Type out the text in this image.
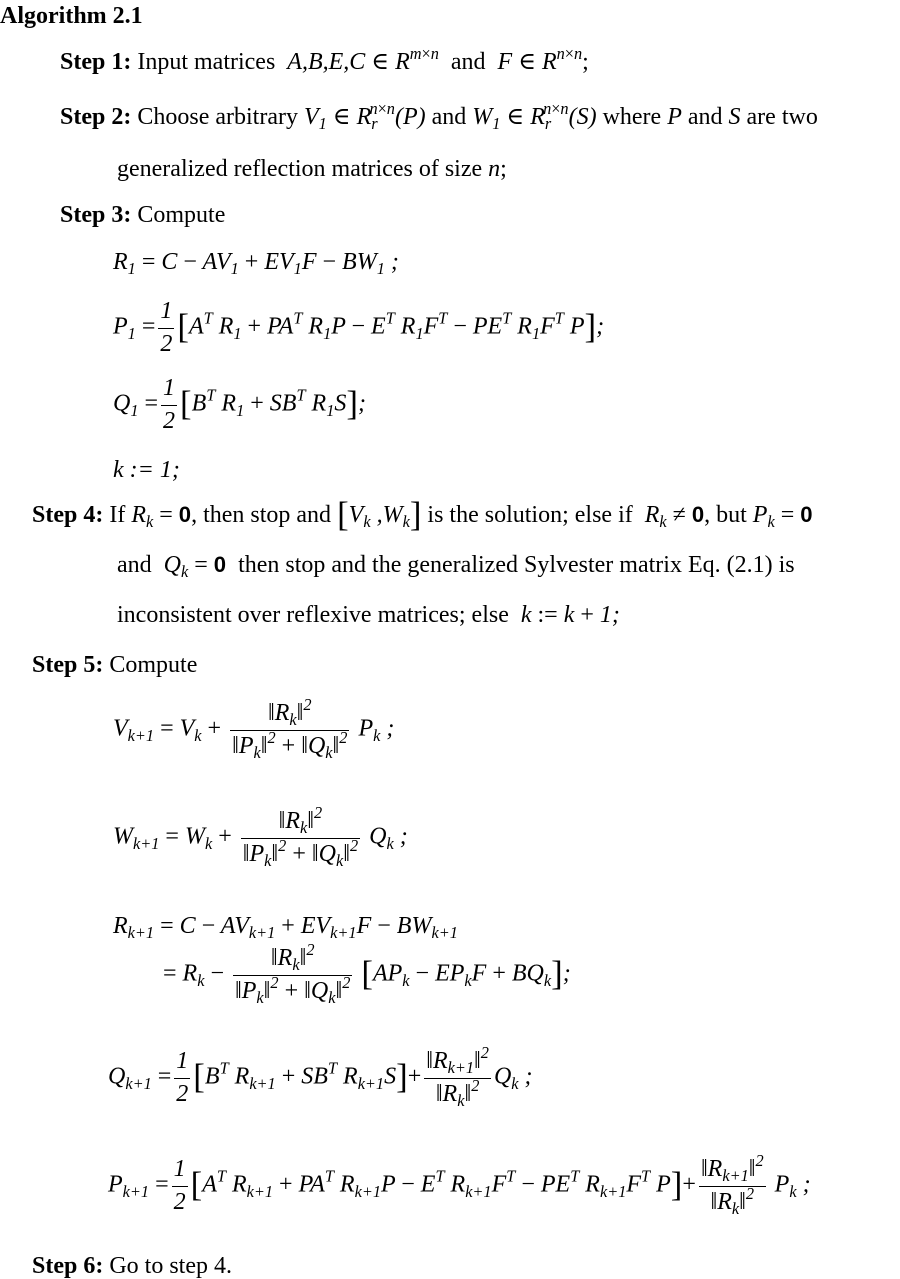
Algorithm 2.1
Step 1: Input matrices A,B,E,C ∈ $R^{m\times n}$  and  F ∈ $R^{n\times n}$;
Step 2: Choose arbitrary $V_1$ ∈ $R_r^{n\times n}(P)$ and $W_1$ ∈ $R_r^{n\times n}(S)$ where P and S are two
generalized reflection matrices of size n;
Step 3: Compute
$R_1 = C - AV_1 + EV_1F - BW_1$ ;
$P_1 = \frac{1}{2} [A^T$ $R_1 + PA^T$ $R_1P - E^T$ $R_1F^T - PE^T$ $R_1F^T$ P];
$Q_1 = \frac{1}{2} [B^T$ $R_1 + SB^T$ $R_1S$];
k := 1;
Step 4: If $R_k = 0$, then stop and [$V_k$ $,W_k$] is the solution; else if $R_k \ne 0$, but $P_k = 0$
and $Q_k = 0$ then stop and the generalized Sylvester matrix Eq. (2.1) is
inconsistent over reflexive matrices; else k := k + 1;
Step 5: Compute
$V_{k+1} = V_k + \frac{‖R_k‖^2}{‖P_k‖^2 + ‖Q_k‖^2} P_k$ ;
$W_{k+1} = W_k + \frac{‖R_k‖^2}{‖P_k‖^2 + ‖Q_k‖^2} Q_k$ ;
$R_{k+1} = C - AV_{k+1} + EV_{k+1}F - BW_{k+1}$
= $R_k - \frac{‖R_k‖^2}{‖P_k‖^2 + ‖Q_k‖^2} [AP_k - EP_kF + BQ_k]$;
$Q_{k+1} = \frac{1}{2} [B^T$ $R_{k+1} + SB^T$ $R_{k+1}S]+ \frac{‖R_{k+1}‖^2}{‖R_k‖^2} Q_k$ ;
$P_{k+1} = \frac{1}{2} [A^T$ $R_{k+1} + PA^T$ $R_{k+1}P - E^T$ $R_{k+1}F^T - PE^T$ $R_{k+1}F^T$ $P]+ \frac{‖R_{k+1}‖^2}{‖R_k‖^2} P_k$ ;
Step 6: Go to step 4.
